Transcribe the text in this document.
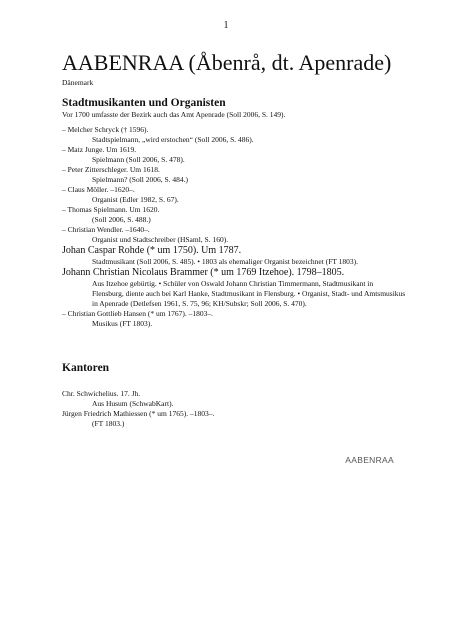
1
AABENRAA (Åbenrå, dt. Apenrade)
Dänemark
Stadtmusikanten und Organisten
Vor 1700 umfasste der Bezirk auch das Amt Apenrade (Soll 2006, S. 149).
– Melcher Schryck († 1596).
Stadtspielmann, „wird erstochen“ (Soll 2006, S. 486).
– Matz Junge. Um 1619.
Spielmann (Soll 2006, S. 478).
– Peter Zitterschleger. Um 1618.
Spielmann? (Soll 2006, S. 484.)
– Claus Möller. –1620–.
Organist (Edler 1982, S. 67).
– Thomas Spielmann. Um 1620.
(Soll 2006, S. 488.)
– Christian Wendler. –1640–.
Organist und Stadtschreiber (HSaml, S. 160).
Johan Caspar Rohde (* um 1750). Um 1787.
Stadtmusikant (Soll 2006, S. 485). • 1803 als ehemaliger Organist bezeichnet (FT 1803).
Johann Christian Nicolaus Brammer (* um 1769 Itzehoe). 1798–1805.
Aus Itzehoe gebürtig. • Schüler von Oswald Johann Christian Timmermann, Stadtmusikant in
Flensburg, diente auch bei Karl Hanke, Stadtmusikant in Flensburg. • Organist, Stadt- und Amtsmusikus
in Apenrade (Detlefsen 1961, S. 75, 96; KH/Subskr; Soll 2006, S. 470).
– Christian Gottlieb Hansen (* um 1767). –1803–.
Musikus (FT 1803).
Kantoren
Chr. Schwichelius. 17. Jh.
Aus Husum (SchwabKart).
Jürgen Friedrich Mathiessen (* um 1765). –1803–.
(FT 1803.)
AABENRAA
